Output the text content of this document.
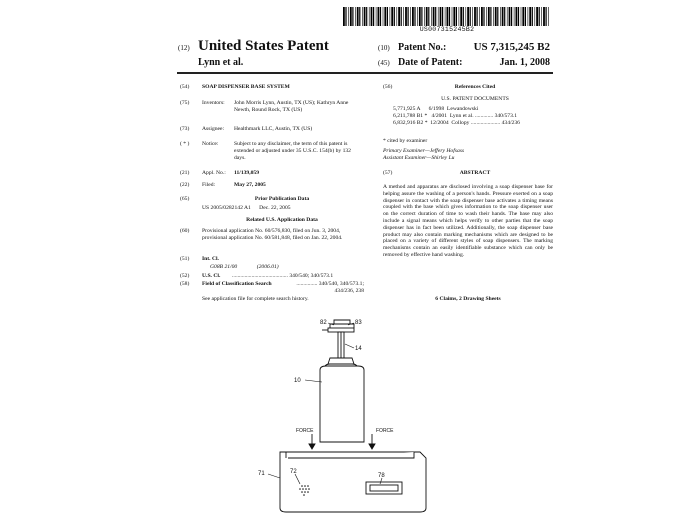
US007315245B2
(12) United States Patent
Lynn et al.
(10) Patent No.: US 7,315,245 B2
(45) Date of Patent:	Jan. 1, 2008
(54)	SOAP DISPENSER BASE SYSTEM
(75)	Inventors:	John Morris Lynn, Austin, TX (US); Kathryn Anne Newth, Round Rock, TX (US)
(73)	Assignee:	Healthmark LLC, Austin, TX (US)
( * )	Notice:	Subject to any disclaimer, the term of this patent is extended or adjusted under 35 U.S.C. 154(b) by 132 days.
(21)	Appl. No.:	11/139,059
(22)	Filed:	May 27, 2005
(65)	Prior Publication Data
US 2005/0282142 A1      Dec. 22, 2005
Related U.S. Application Data
(60)	Provisional application No. 60/576,830, filed on Jun. 3, 2004, provisional application No. 60/581,848, filed on Jan. 22, 2004.
(51)	Int. Cl.
G08B 21/00              (2006.01)
(52)	U.S. Cl.	........................................ 340/540; 340/573.1
(58)	Field of Classification Search	............... 340/540, 340/573.1; 434/236, 238
See application file for complete search history.
(56)	References Cited
U.S. PATENT DOCUMENTS
5,771,925 A      6/1998  Lewandowski
6,211,788 B1 *   4/2001  Lynn et al. ............. 340/573.1
6,832,916 B2 *  12/2004  Collopy ..................... 434/236
* cited by examiner
Primary Examiner—Jeffery Hofsass
Assistant Examiner—Shirley Lu
(57)	ABSTRACT
A method and apparatus are disclosed involving a soap dispenser base for helping assure the washing of a person's hands. Pressure exerted on a soap dispenser in contact with the soap dispenser base activates a timing means coupled with the base which gives information to the soap dispenser user on the correct duration of time to wash their hands. The base may also include a signal means which helps verify to other parties that the soap dispenser has in fact been utilized. Additionally, the soap dispenser base product may also contain marking mechanisms which are designed to be placed on a variety of different styles of soap dispensers. The marking mechanisms contain an easily identifiable substance which can only be removed by effective hand washing.
6 Claims, 2 Drawing Sheets
82	83
14
10
FORCE	FORCE
71	72
78
